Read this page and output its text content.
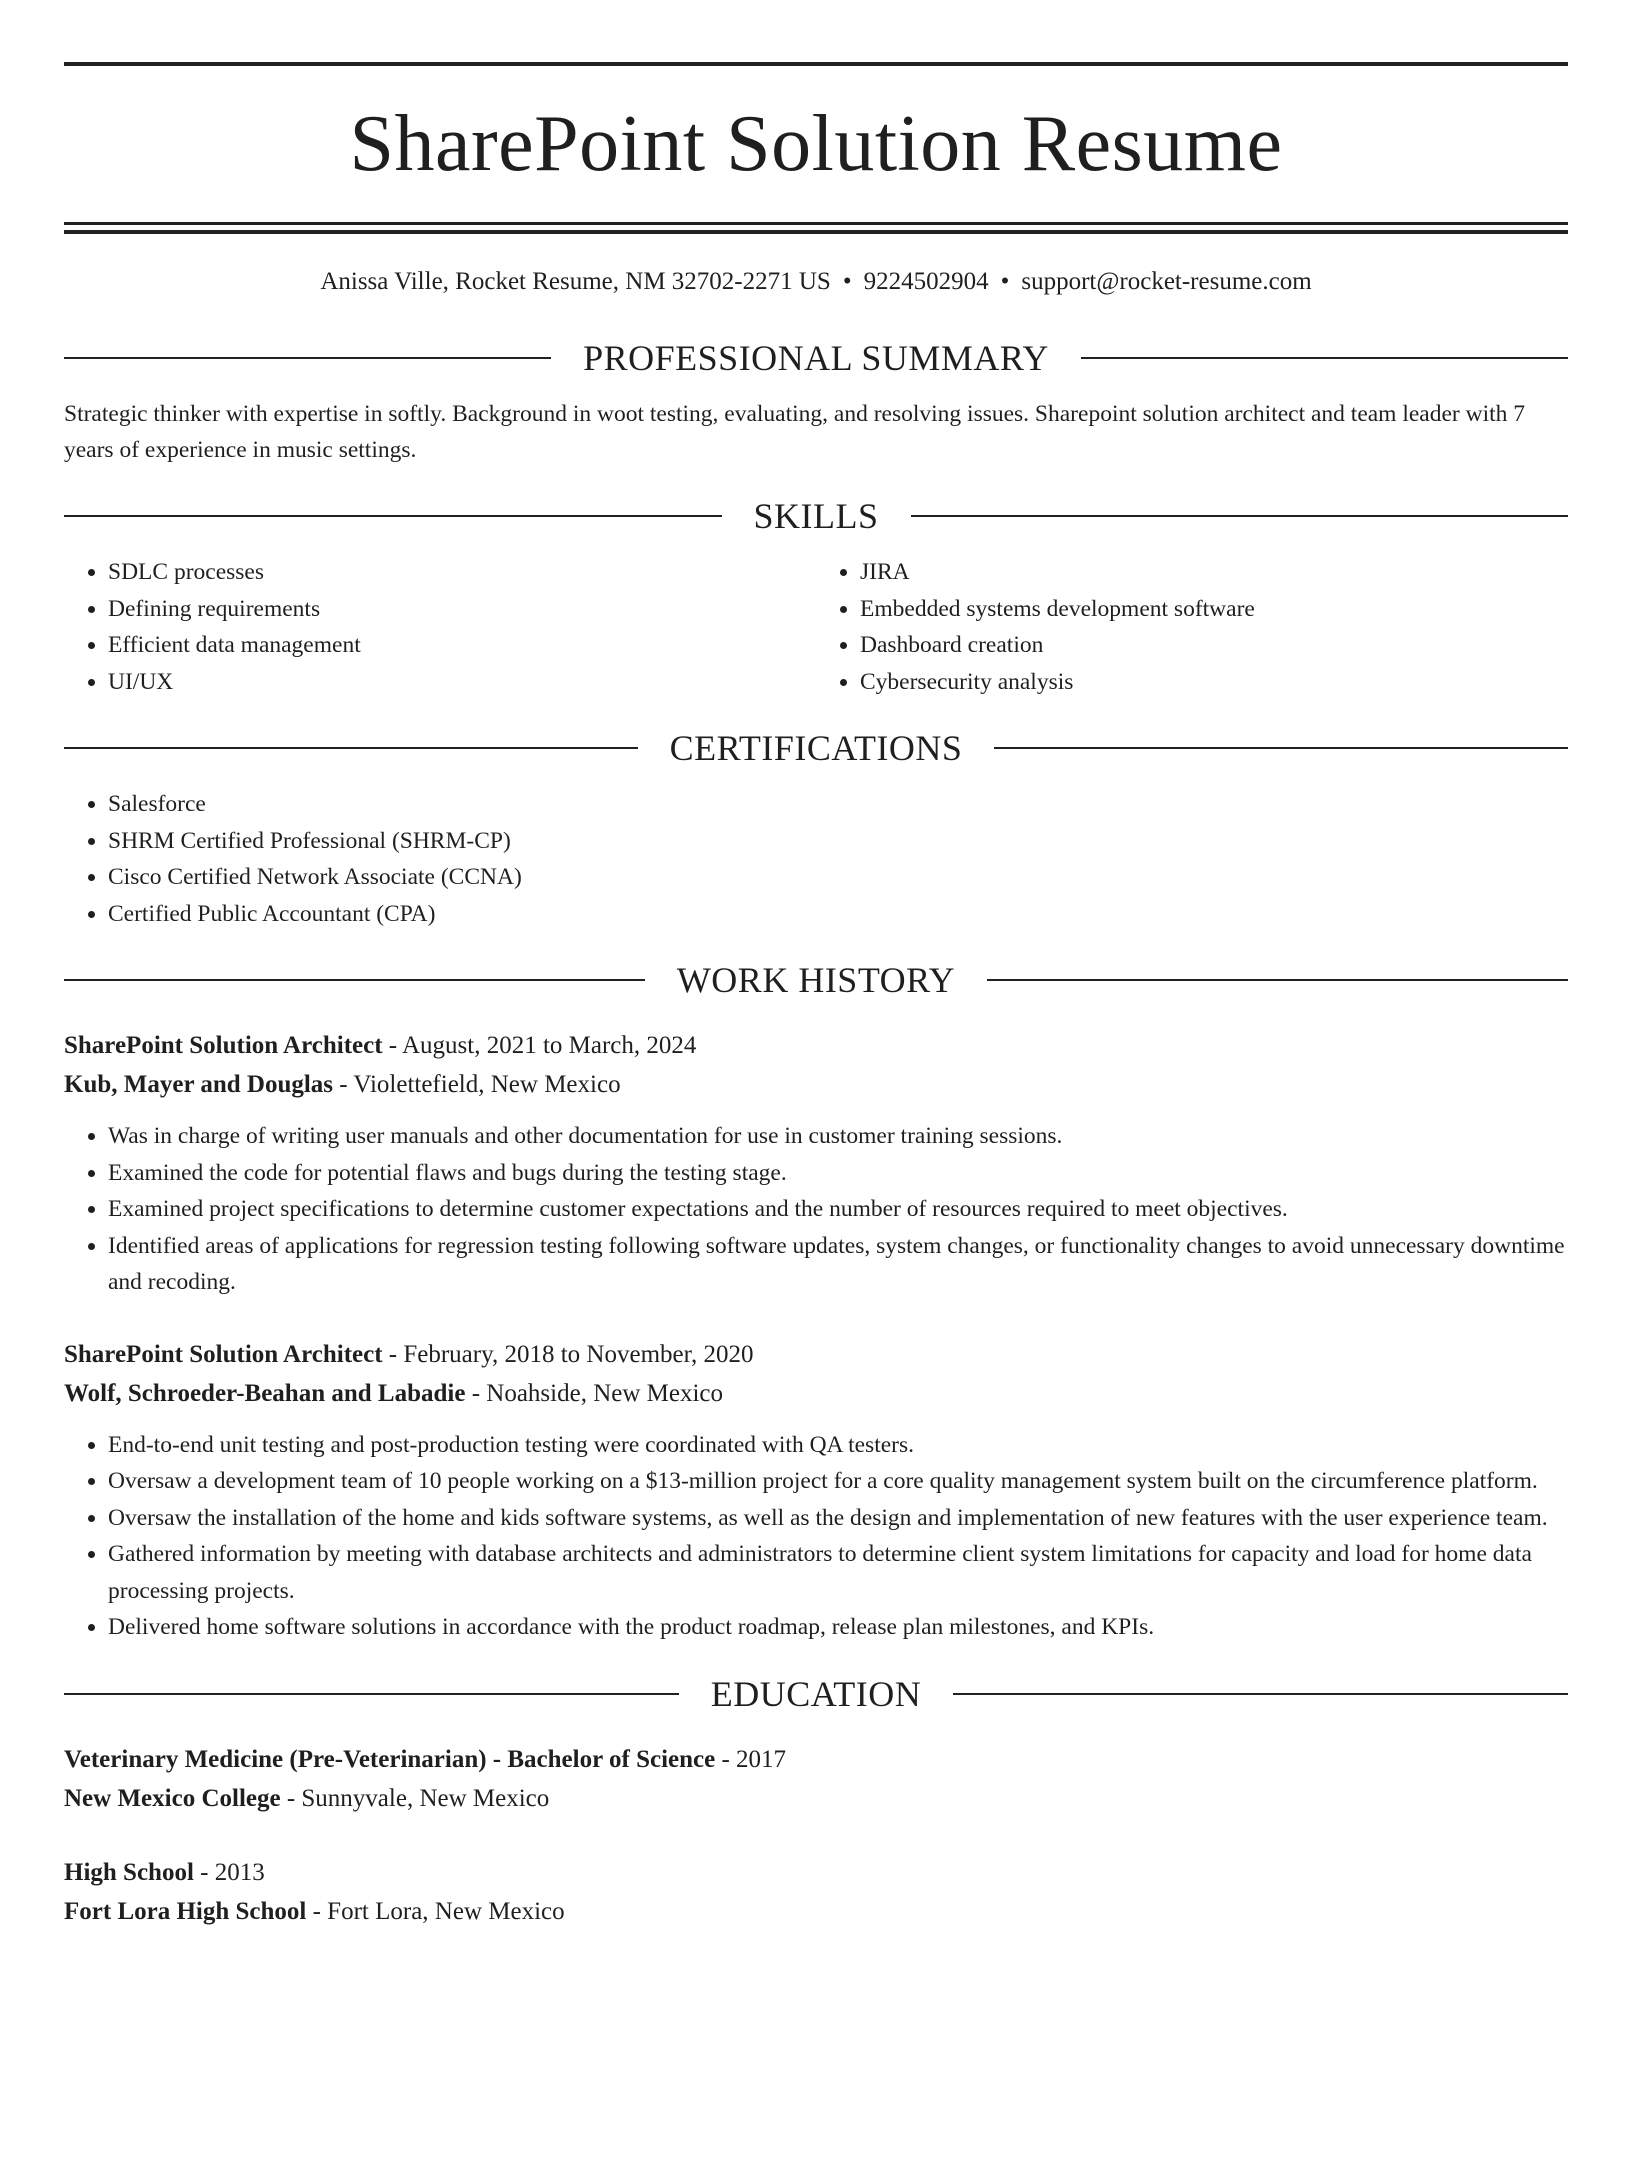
SharePoint Solution Resume
Anissa Ville, Rocket Resume, NM 32702-2271 US • 9224502904 • support@rocket-resume.com
PROFESSIONAL SUMMARY
Strategic thinker with expertise in softly. Background in woot testing, evaluating, and resolving issues. Sharepoint solution architect and team leader with 7 years of experience in music settings.
SKILLS
• SDLC processes
• Defining requirements
• Efficient data management
• UI/UX
• JIRA
• Embedded systems development software
• Dashboard creation
• Cybersecurity analysis
CERTIFICATIONS
• Salesforce
• SHRM Certified Professional (SHRM-CP)
• Cisco Certified Network Associate (CCNA)
• Certified Public Accountant (CPA)
WORK HISTORY
SharePoint Solution Architect - August, 2021 to March, 2024
Kub, Mayer and Douglas - Violettefield, New Mexico
• Was in charge of writing user manuals and other documentation for use in customer training sessions.
• Examined the code for potential flaws and bugs during the testing stage.
• Examined project specifications to determine customer expectations and the number of resources required to meet objectives.
• Identified areas of applications for regression testing following software updates, system changes, or functionality changes to avoid unnecessary downtime and recoding.
SharePoint Solution Architect - February, 2018 to November, 2020
Wolf, Schroeder-Beahan and Labadie - Noahside, New Mexico
• End-to-end unit testing and post-production testing were coordinated with QA testers.
• Oversaw a development team of 10 people working on a $13-million project for a core quality management system built on the circumference platform.
• Oversaw the installation of the home and kids software systems, as well as the design and implementation of new features with the user experience team.
• Gathered information by meeting with database architects and administrators to determine client system limitations for capacity and load for home data processing projects.
• Delivered home software solutions in accordance with the product roadmap, release plan milestones, and KPIs.
EDUCATION
Veterinary Medicine (Pre-Veterinarian) - Bachelor of Science - 2017
New Mexico College - Sunnyvale, New Mexico
High School - 2013
Fort Lora High School - Fort Lora, New Mexico
